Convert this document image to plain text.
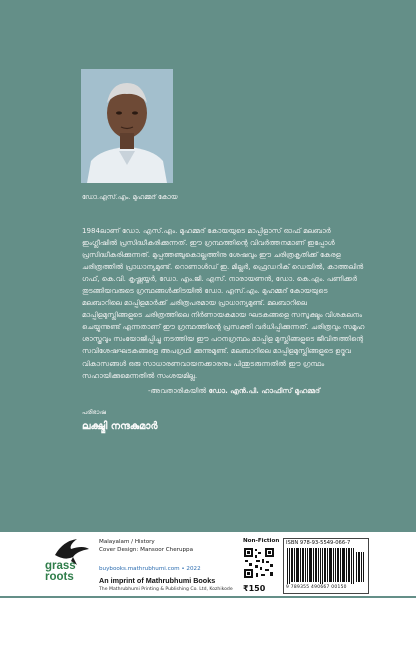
ഡോ.എസ്.എം. മുഹമ്മദ് കോയ

1984ലാണ് ഡോ. എസ്.എം. മുഹമ്മദ് കോയയുടെ മാപ്പിളാസ് ഓഫ് മലബാർ ഇംഗ്ലീഷിൽ പ്രസിദ്ധീകരിക്കുന്നത്. ഈ ഗ്രന്ഥത്തിന്റെ വിവർത്തനമാണ് ഇപ്പോൾ പ്രസിദ്ധീകരിക്കുന്നത്. മുപ്പത്തഞ്ചുകൊല്ലത്തിനു ശേഷവും ഈ ചരിത്രകൃതിക്ക് കേരള ചരിത്രത്തിൽ പ്രാധാന്യമുണ്ട്. റൊണാൾഡ് ഇ. മില്ലർ, ഫ്രെഡറിക് ഡെയിൽ, കാത്തലിൻ ഗഫ്, കെ.വി. കൃഷ്ണയ്യർ, ഡോ. എം.ജി. എസ്. നാരായണൻ, ഡോ. കെ.എം. പണിക്കർ തുടങ്ങിയവരുടെ ഗ്രന്ഥങ്ങൾക്കിടയിൽ ഡോ. എസ്.എം. മുഹമ്മദ് കോയയുടെ മലബാറിലെ മാപ്പിളമാർക്ക് ചരിത്രപരമായ പ്രാധാന്യമുണ്ട്. മലബാറിലെ മാപ്പിളമുസ്ലിങ്ങളുടെ ചരിത്രത്തിലെ നിർണായകമായ ഘടകങ്ങളെ സസൂക്ഷ്മം വിശകലനം ചെയ്യുന്നുണ്ട് എന്നതാണ് ഈ ഗ്രന്ഥത്തിന്റെ പ്രസക്തി വർധിപ്പിക്കുന്നത്. ചരിത്രവും സമൂഹ ശാസ്ത്രവും സംയോജിപ്പിച്ചു നടത്തിയ ഈ പഠനഗ്രന്ഥം മാപ്പിള മുസ്ലിങ്ങളുടെ ജീവിതത്തിന്റെ സവിശേഷഘടകങ്ങളെ അപഗ്രഥി ക്കുന്നുമുണ്ട്. മലബാറിലെ മാപ്പിളമുസ്ലിങ്ങളുടെ ഉദ്ഭവ വികാസങ്ങൾ ഒരു സാധാരണവായനക്കാരനും പിന്തുടരുന്നതിൽ ഈ ഗ്രന്ഥം സഹായിക്കുമെന്നതിൽ സംശയമില്ല.

-അവതാരികയിൽ ഡോ. എൻ.പി. ഹാഫിസ് മുഹമ്മദ്
പരിഭാഷ
ലക്ഷ്മി നന്ദകുമാർ
grass
roots
Malayalam / History
Cover Design: Mansoor Cheruppa
buybooks.mathrubhumi.com • 2022
An imprint of Mathrubhumi Books
The Mathrubhumi Printing & Publishing Co. Ltd, Kozhikode
Non-Fiction
₹150
ISBN 978-93-5549-066-7
9 789355 490667 00150
